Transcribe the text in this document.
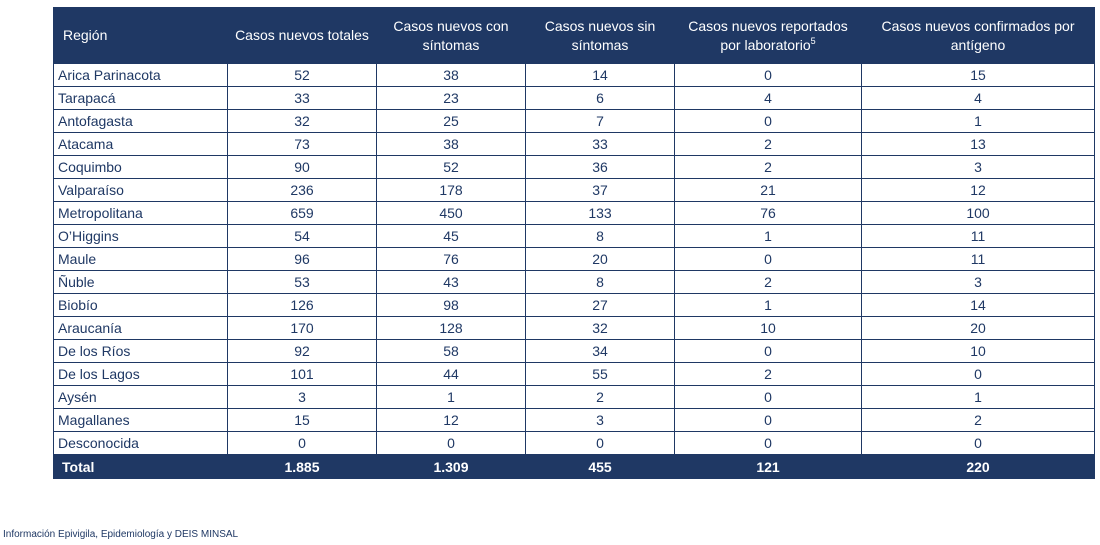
Región	Casos nuevos totales	Casos nuevos con síntomas	Casos nuevos sin síntomas	Casos nuevos reportados por laboratorio$^5$	Casos nuevos confirmados por antígeno
Arica Parinacota	52	38	14	0	15
Tarapacá	33	23	6	4	4
Antofagasta	32	25	7	0	1
Atacama	73	38	33	2	13
Coquimbo	90	52	36	2	3
Valparaíso	236	178	37	21	12
Metropolitana	659	450	133	76	100
O’Higgins	54	45	8	1	11
Maule	96	76	20	0	11
Ñuble	53	43	8	2	3
Biobío	126	98	27	1	14
Araucanía	170	128	32	10	20
De los Ríos	92	58	34	0	10
De los Lagos	101	44	55	2	0
Aysén	3	1	2	0	1
Magallanes	15	12	3	0	2
Desconocida	0	0	0	0	0
Total	1.885	1.309	455	121	220
Información Epivigila, Epidemiología y DEIS MINSAL
